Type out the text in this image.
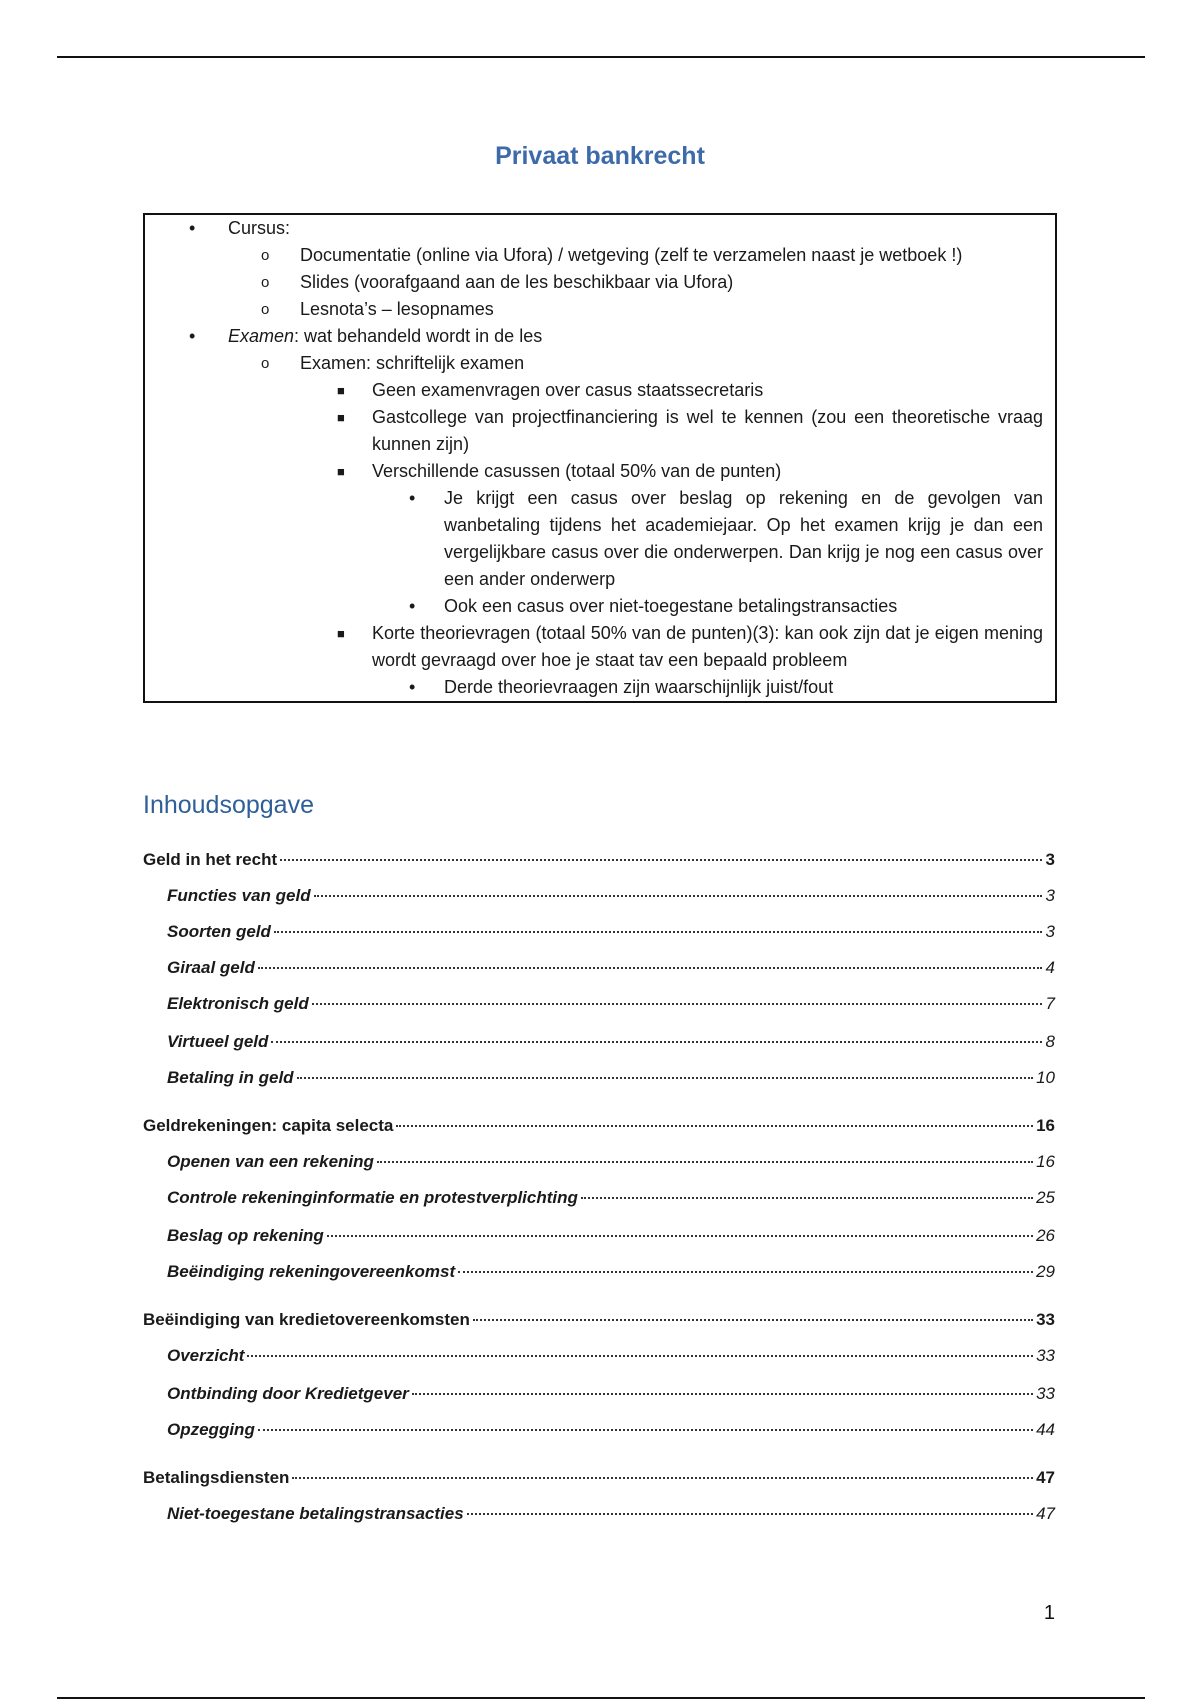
Privaat bankrecht
• Cursus:
o Documentatie (online via Ufora) / wetgeving (zelf te verzamelen naast je wetboek !)
o Slides (voorafgaand aan de les beschikbaar via Ufora)
o Lesnota’s – lesopnames
• Examen: wat behandeld wordt in de les
o Examen: schriftelijk examen
■ Geen examenvragen over casus staatssecretaris
■ Gastcollege van projectfinanciering is wel te kennen (zou een theoretische vraag kunnen zijn)
■ Verschillende casussen (totaal 50% van de punten)
• Je krijgt een casus over beslag op rekening en de gevolgen van wanbetaling tijdens het academiejaar. Op het examen krijg je dan een vergelijkbare casus over die onderwerpen. Dan krijg je nog een casus over een ander onderwerp
• Ook een casus over niet-toegestane betalingstransacties
■ Korte theorievragen (totaal 50% van de punten)(3): kan ook zijn dat je eigen mening wordt gevraagd over hoe je staat tav een bepaald probleem
• Derde theorievraagen zijn waarschijnlijk juist/fout
Inhoudsopgave
Geld in het recht	3
Functies van geld	3
Soorten geld	3
Giraal geld	4
Elektronisch geld	7
Virtueel geld	8
Betaling in geld	10
Geldrekeningen: capita selecta	16
Openen van een rekening	16
Controle rekeninginformatie en protestverplichting	25
Beslag op rekening	26
Beëindiging rekeningovereenkomst	29
Beëindiging van kredietovereenkomsten	33
Overzicht	33
Ontbinding door Kredietgever	33
Opzegging	44
Betalingsdiensten	47
Niet-toegestane betalingstransacties	47
1
